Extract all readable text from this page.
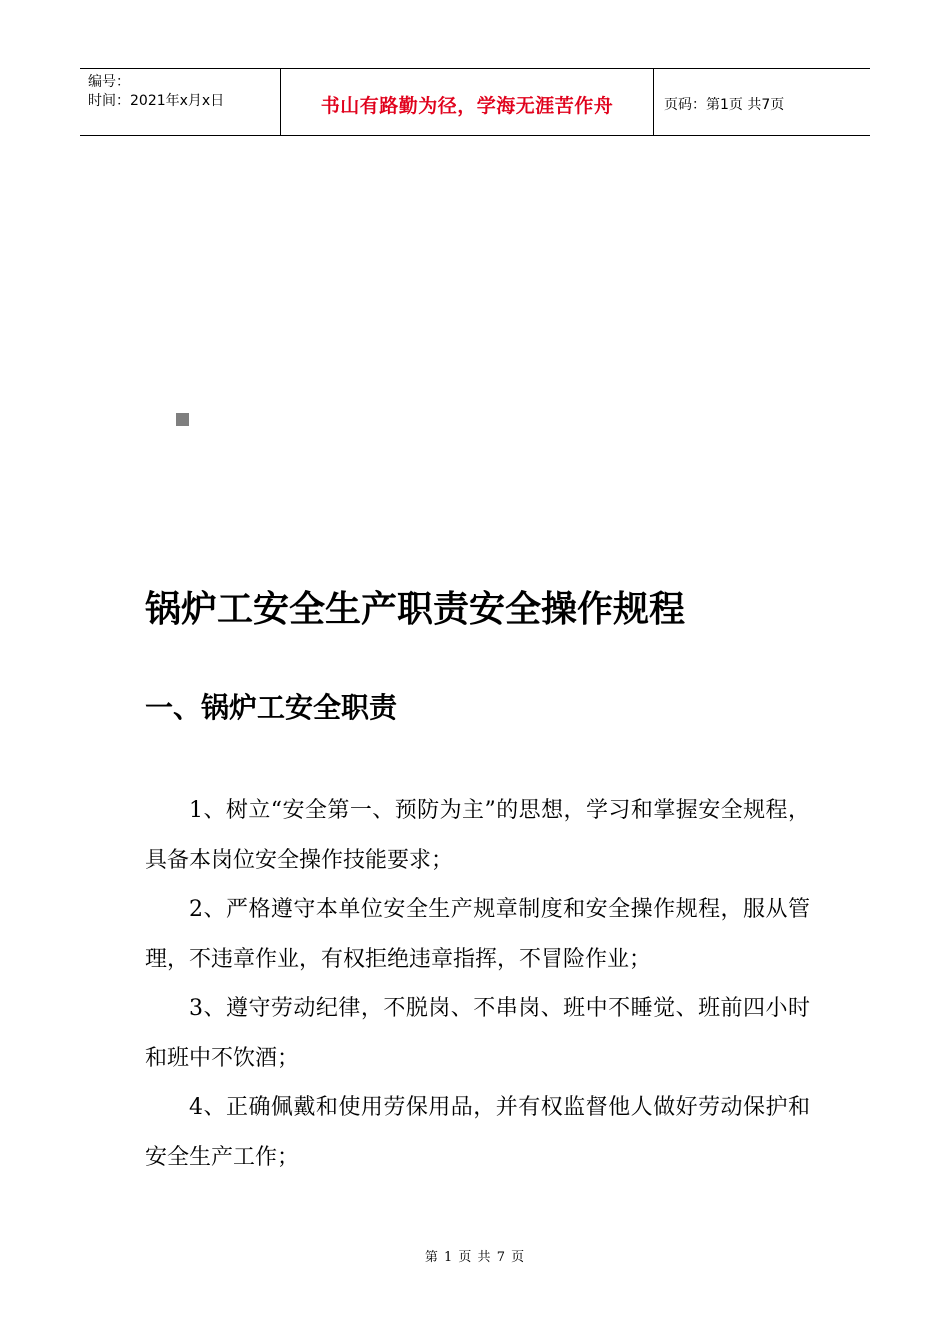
编号：
时间：2021年x月x日	书山有路勤为径，学海无涯苦作舟	页码：第1页 共7页
锅炉工安全生产职责安全操作规程
一、锅炉工安全职责

1、树立“安全第一、预防为主”的思想，学习和掌握安全规程，具备本岗位安全操作技能要求；

2、严格遵守本单位安全生产规章制度和安全操作规程，服从管理，不违章作业，有权拒绝违章指挥，不冒险作业；

3、遵守劳动纪律，不脱岗、不串岗、班中不睡觉、班前四小时和班中不饮酒；

4、正确佩戴和使用劳保用品，并有权监督他人做好劳动保护和安全生产工作；

第 1 页 共 7 页
